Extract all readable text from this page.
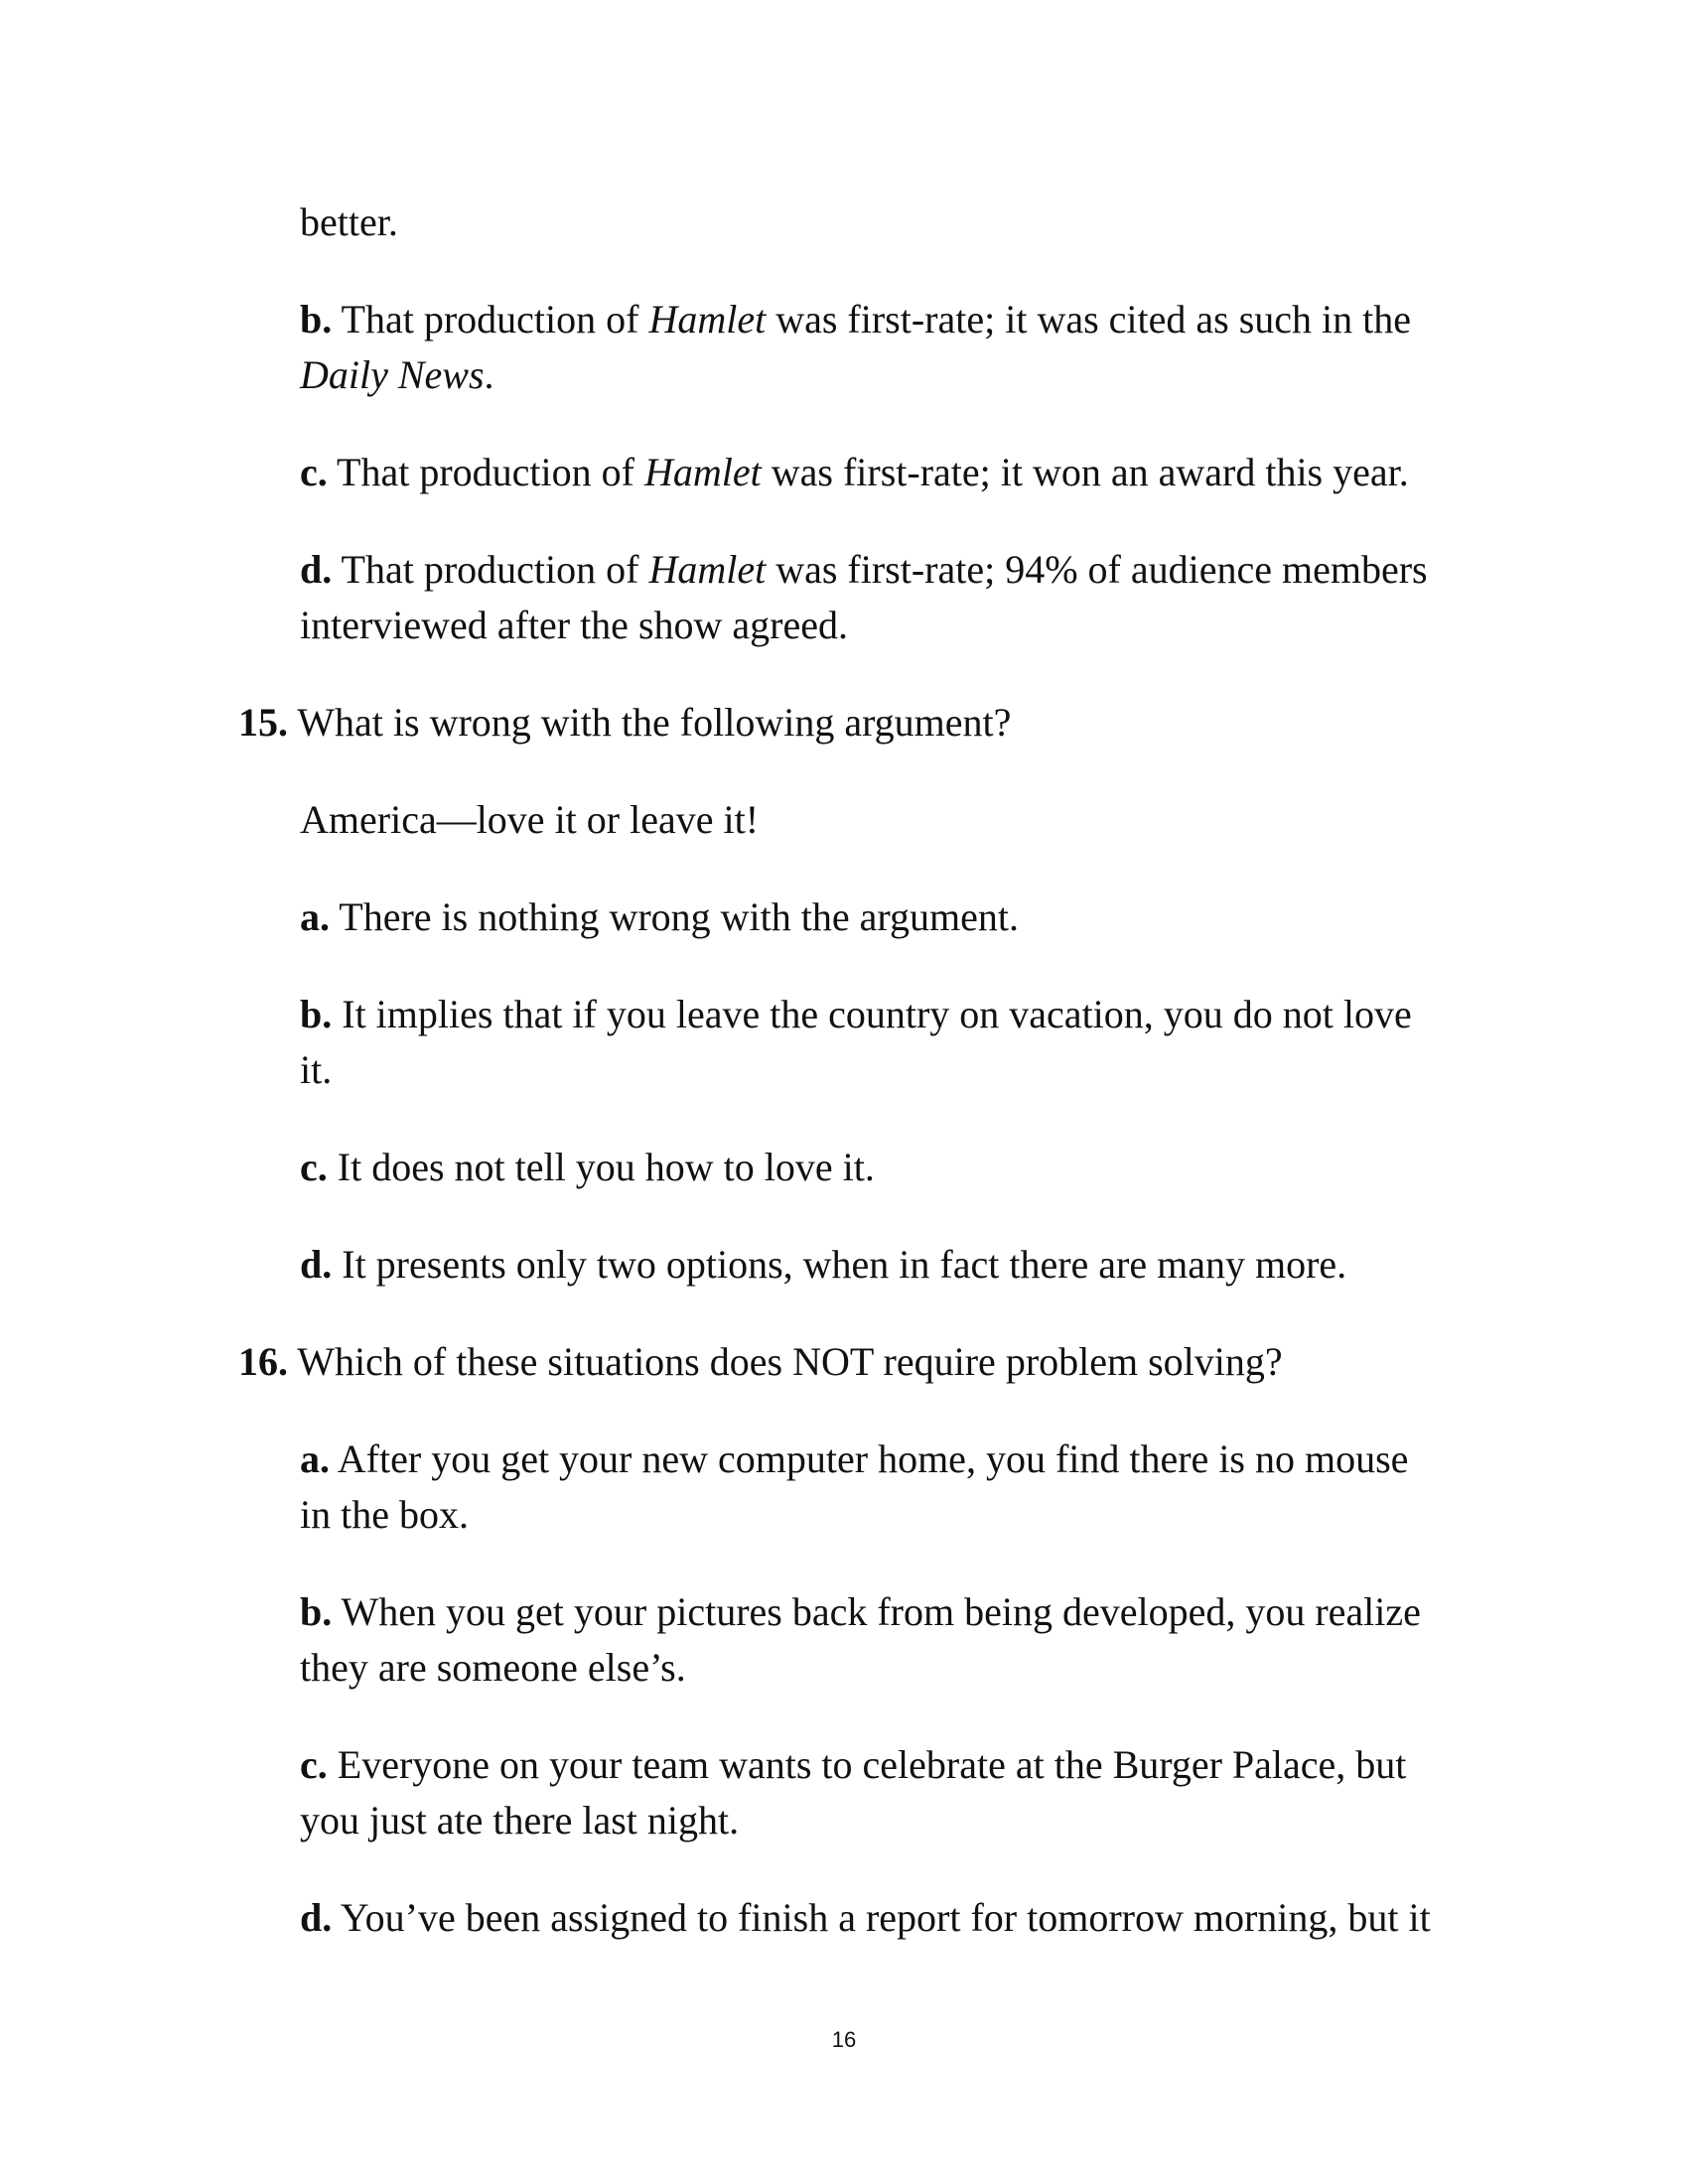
better.
b. That production of Hamlet was first-rate; it was cited as such in the
Daily News.
c. That production of Hamlet was first-rate; it won an award this year.
d. That production of Hamlet was first-rate; 94% of audience members
interviewed after the show agreed.
15. What is wrong with the following argument?
America—love it or leave it!
a. There is nothing wrong with the argument.
b. It implies that if you leave the country on vacation, you do not love
it.
c. It does not tell you how to love it.
d. It presents only two options, when in fact there are many more.
16. Which of these situations does NOT require problem solving?
a. After you get your new computer home, you find there is no mouse
in the box.
b. When you get your pictures back from being developed, you realize
they are someone else’s.
c. Everyone on your team wants to celebrate at the Burger Palace, but
you just ate there last night.
d. You’ve been assigned to finish a report for tomorrow morning, but it
16
